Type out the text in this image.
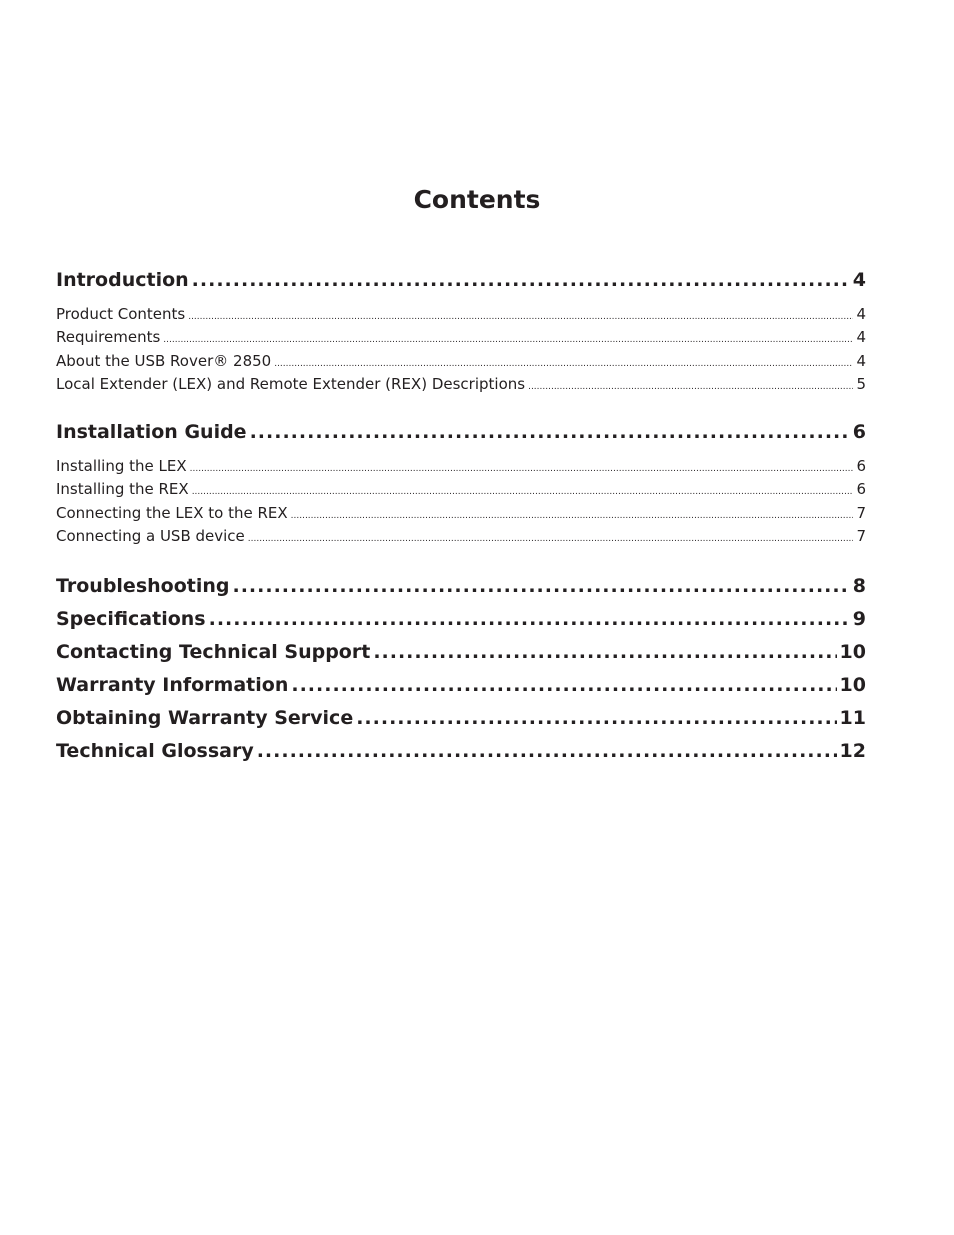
Contents
Introduction .....	4
Product Contents .....	4
Requirements .....	4
About the USB Rover® 2850 .....	4
Local Extender (LEX) and Remote Extender (REX) Descriptions .....	5
Installation Guide .....	6
Installing the LEX .....	6
Installing the REX .....	6
Connecting the LEX to the REX .....	7
Connecting a USB device .....	7
Troubleshooting .....	8
Specifications .....	9
Contacting Technical Support .....	10
Warranty Information .....	10
Obtaining Warranty Service .....	11
Technical Glossary .....	12
